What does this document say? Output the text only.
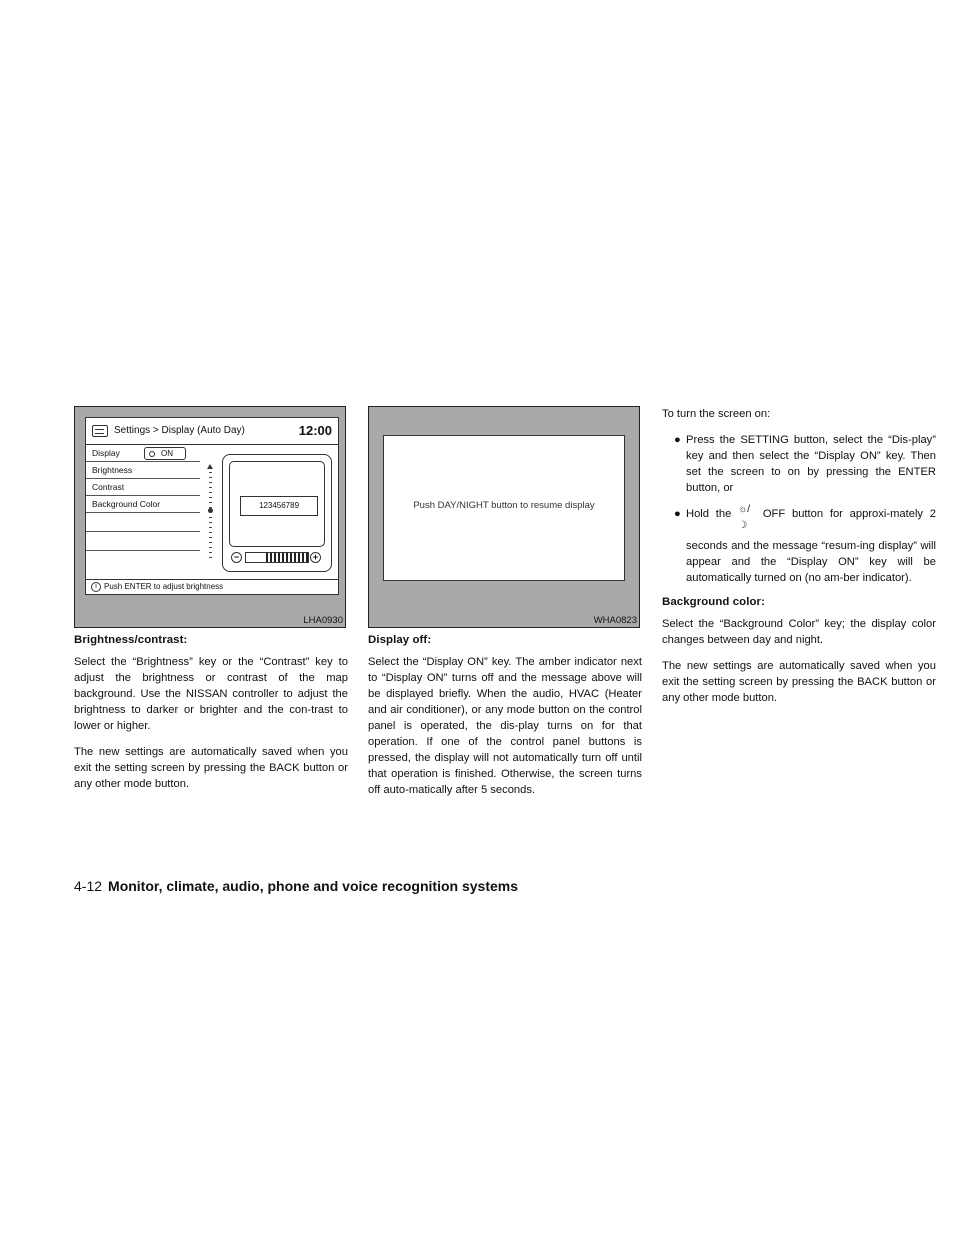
Settings > Display (Auto Day)	12:00
Display	ON
Brightness
Contrast
Background Color	123456789
−	+
i Push ENTER to adjust brightness
LHA0930
Brightness/contrast:

Select the “Brightness” key or the “Contrast” key to adjust the brightness or contrast of the map background. Use the NISSAN controller to adjust the brightness to darker or brighter and the con-trast to lower or higher.

The new settings are automatically saved when you exit the setting screen by pressing the BACK button or any other mode button.

Push DAY/NIGHT button to resume display
WHA0823
Display off:

Select the “Display ON” key. The amber indicator next to “Display ON” turns off and the message above will be displayed briefly. When the audio, HVAC (Heater and air conditioner), or any mode button on the control panel is operated, the dis-play turns on for that operation. If one of the control panel buttons is pressed, the display will not automatically turn off until that operation is finished. Otherwise, the screen turns off auto-matically after 5 seconds.

To turn the screen on:

● Press the SETTING button, select the “Dis-play” key and then select the “Display ON” key. Then set the screen to on by pressing the ENTER button, or
● Hold the ☼/☽ OFF button for approxi-mately 2 seconds and the message “resum-ing display” will appear and the “Display ON” key will be automatically turned on (no am-ber indicator).
Background color:

Select the “Background Color” key; the display color changes between day and night.

The new settings are automatically saved when you exit the setting screen by pressing the BACK button or any other mode button.

4-12 Monitor, climate, audio, phone and voice recognition systems
